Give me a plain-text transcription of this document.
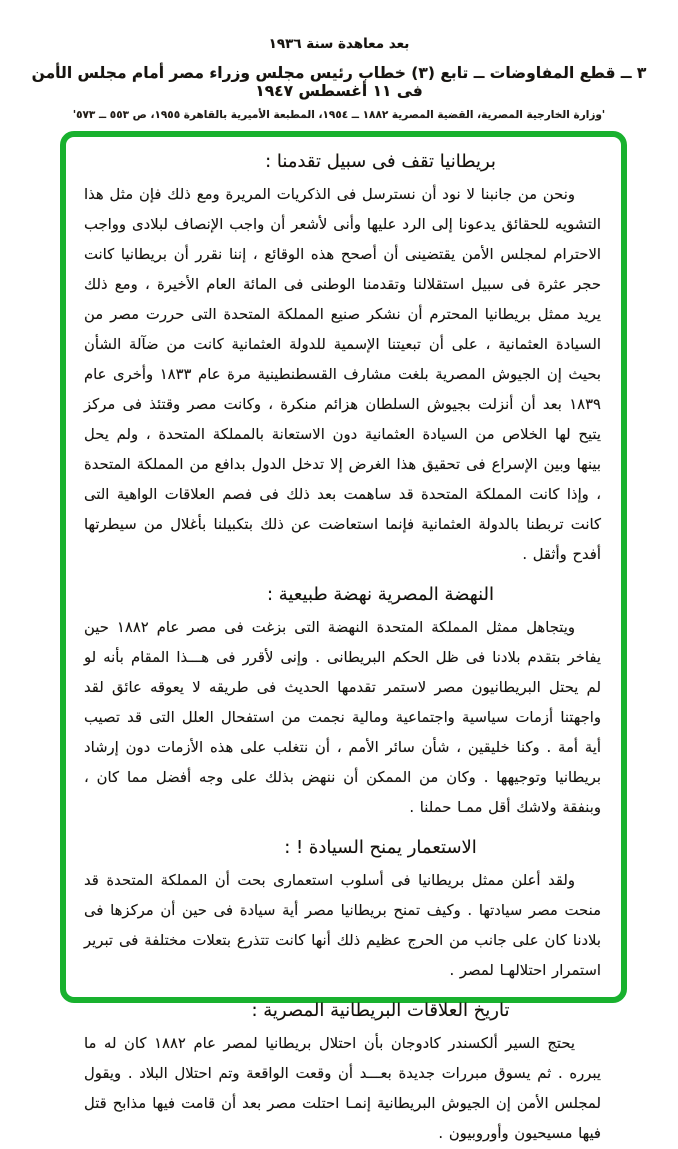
بعد معاهدة سنة ١٩٣٦
٣ ــ قطع المفاوضات ــ تابع (٣) خطاب رئيس مجلس وزراء مصر أمام مجلس الأمن فى ١١ أغسطس ١٩٤٧
'وزارة الخارجية المصرية، القضية المصرية ١٨٨٢ ــ ١٩٥٤، المطبعة الأميرية بالقاهرة ١٩٥٥، ص ٥٥٣ ــ ٥٧٣'
بريطانيا تقف فى سبيل تقدمنا :
ونحن من جانبنا لا نود أن نسترسل فى الذكريات المريرة ومع ذلك فإن مثل هذا التشويه للحقائق يدعونا إلى الرد عليها وأنى لأشعر أن واجب الإنصاف لبلادى وواجب الاحترام لمجلس الأمن يقتضينى أن أصحح هذه الوقائع ، إننا نقرر أن بريطانيا كانت حجر عثرة فى سبيل استقلالنا وتقدمنا الوطنى فى المائة العام الأخيرة ، ومع ذلك يريد ممثل بريطانيا المحترم أن نشكر صنيع المملكة المتحدة التى حررت مصر من السيادة العثمانية ، على أن تبعيتنا الإسمية للدولة العثمانية كانت من ضآلة الشأن بحيث إن الجيوش المصرية بلغت مشارف القسطنطينية مرة عام ١٨٣٣ وأخرى عام ١٨٣٩ بعد أن أنزلت بجيوش السلطان هزائم منكرة ، وكانت مصر وقتئذ فى مركز يتيح لها الخلاص من السيادة العثمانية دون الاستعانة بالمملكة المتحدة ، ولم يحل بينها وبين الإسراع فى تحقيق هذا الغرض إلا تدخل الدول بدافع من المملكة المتحدة ، وإذا كانت المملكة المتحدة قد ساهمت بعد ذلك فى فصم العلاقات الواهية التى كانت تربطنا بالدولة العثمانية فإنما استعاضت عن ذلك بتكبيلنا بأغلال من سيطرتها أفدح وأثقل .
النهضة المصرية نهضة طبيعية :
ويتجاهل ممثل المملكة المتحدة النهضة التى بزغت فى مصر عام ١٨٨٢ حين يفاخر بتقدم بلادنا فى ظل الحكم البريطانى . وإنى لأقرر فى هـــذا المقام بأنه لو لم يحتل البريطانيون مصر لاستمر تقدمها الحديث فى طريقه لا يعوقه عائق لقد واجهتنا أزمات سياسية واجتماعية ومالية نجمت من استفحال العلل التى قد تصيب أية أمة . وكنا خليقين ، شأن سائر الأمم ، أن نتغلب على هذه الأزمات دون إرشاد بريطانيا وتوجيهها . وكان من الممكن أن ننهض بذلك على وجه أفضل مما كان ، وبنفقة ولاشك أقل ممـا حملنا .
الاستعمار يمنح السيادة ! :
ولقد أعلن ممثل بريطانيا فى أسلوب استعمارى بحت أن المملكة المتحدة قد منحت مصر سيادتها . وكيف تمنح بريطانيا مصر أية سيادة فى حين أن مركزها فى بلادنا كان على جانب من الحرج عظيم ذلك أنها كانت تتذرع بتعلات مختلفة فى تبرير استمرار احتلالهـا لمصر .
تاريخ العلاقات البريطانية المصرية :
يحتج السير ألكسندر كادوجان بأن احتلال بريطانيا لمصر عام ١٨٨٢ كان له ما يبرره . ثم يسوق مبررات جديدة بعـــد أن وقعت الواقعة وتم احتلال البلاد . ويقول لمجلس الأمن إن الجيوش البريطانية إنمـا احتلت مصر بعد أن قامت فيها مذابح قتل فيها مسيحيون وأوروبيون .
